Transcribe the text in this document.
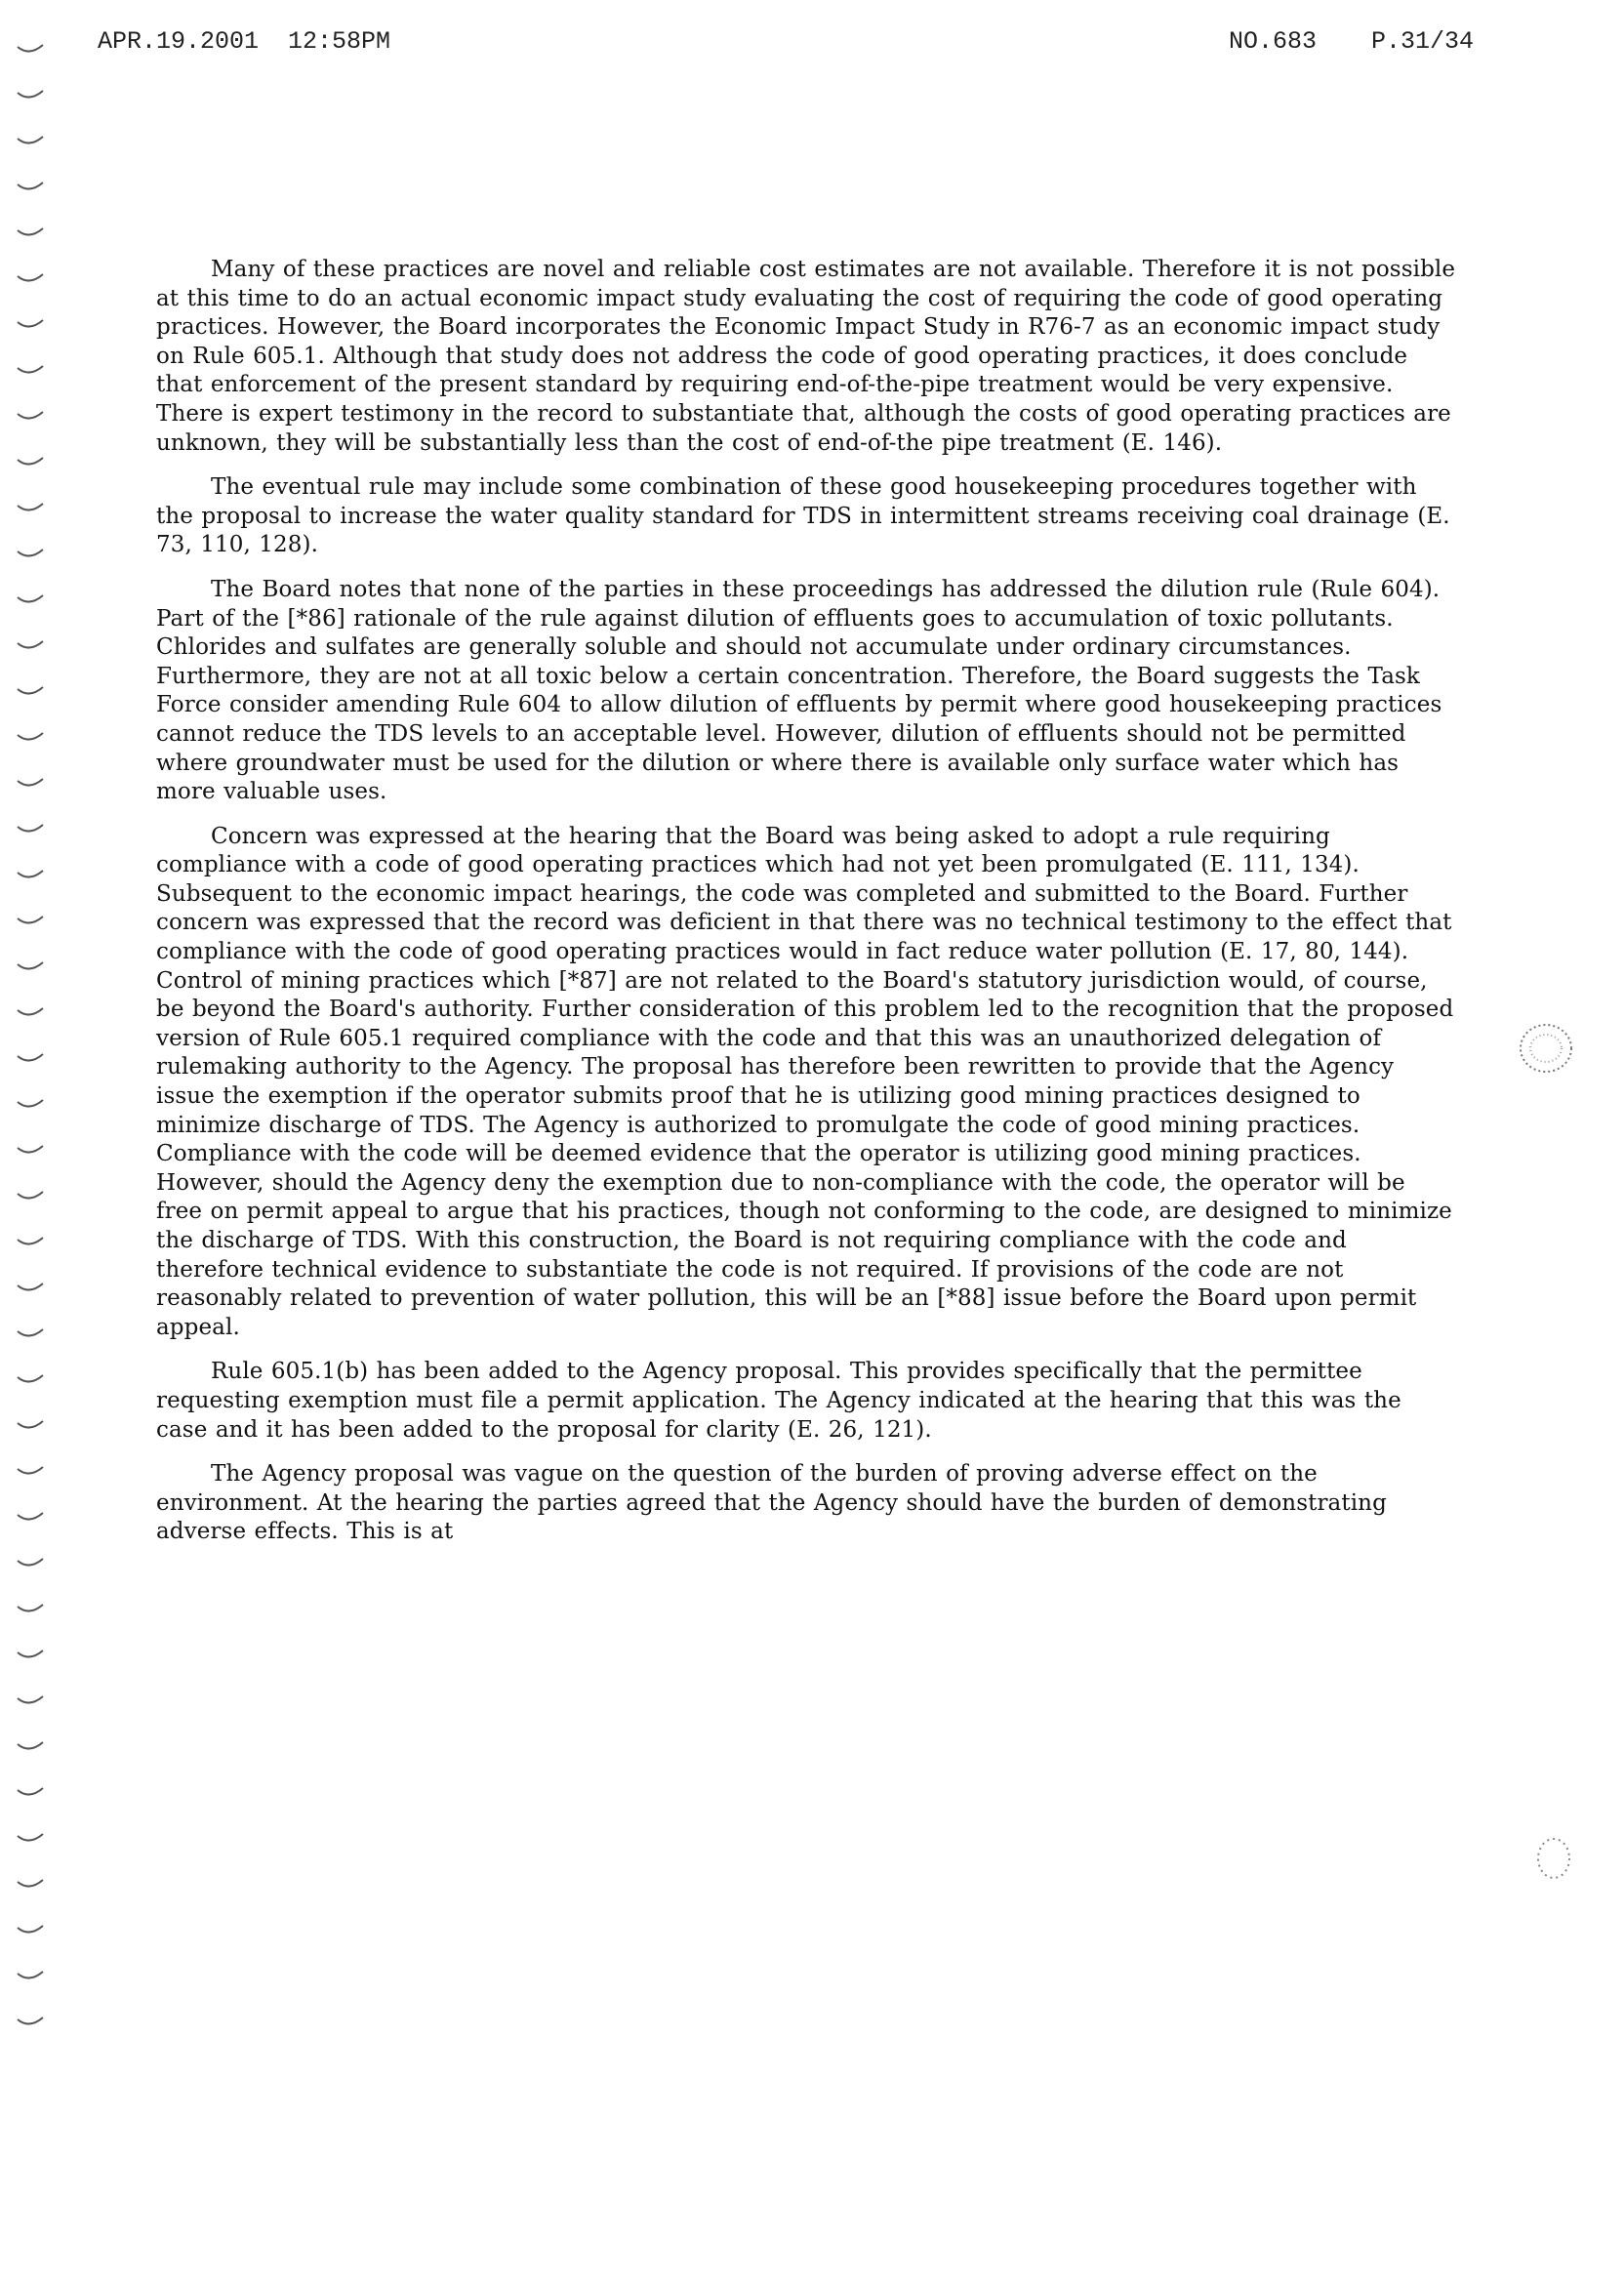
APR.19.2001 12:58PM	NO.683 P.31/34

Many of these practices are novel and reliable cost estimates are not available. Therefore it is not possible at this time to do an actual economic impact study evaluating the cost of requiring the code of good operating practices. However, the Board incorporates the Economic Impact Study in R76-7 as an economic impact study on Rule 605.1. Although that study does not address the code of good operating practices, it does conclude that enforcement of the present standard by requiring end-of-the-pipe treatment would be very expensive. There is expert testimony in the record to substantiate that, although the costs of good operating practices are unknown, they will be substantially less than the cost of end-of-the pipe treatment (E. 146).

The eventual rule may include some combination of these good housekeeping procedures together with the proposal to increase the water quality standard for TDS in intermittent streams receiving coal drainage (E. 73, 110, 128).

The Board notes that none of the parties in these proceedings has addressed the dilution rule (Rule 604). Part of the [*86] rationale of the rule against dilution of effluents goes to accumulation of toxic pollutants. Chlorides and sulfates are generally soluble and should not accumulate under ordinary circumstances. Furthermore, they are not at all toxic below a certain concentration. Therefore, the Board suggests the Task Force consider amending Rule 604 to allow dilution of effluents by permit where good housekeeping practices cannot reduce the TDS levels to an acceptable level. However, dilution of effluents should not be permitted where groundwater must be used for the dilution or where there is available only surface water which has more valuable uses.

Concern was expressed at the hearing that the Board was being asked to adopt a rule requiring compliance with a code of good operating practices which had not yet been promulgated (E. 111, 134). Subsequent to the economic impact hearings, the code was completed and submitted to the Board. Further concern was expressed that the record was deficient in that there was no technical testimony to the effect that compliance with the code of good operating practices would in fact reduce water pollution (E. 17, 80, 144). Control of mining practices which [*87] are not related to the Board's statutory jurisdiction would, of course, be beyond the Board's authority. Further consideration of this problem led to the recognition that the proposed version of Rule 605.1 required compliance with the code and that this was an unauthorized delegation of rulemaking authority to the Agency. The proposal has therefore been rewritten to provide that the Agency issue the exemption if the operator submits proof that he is utilizing good mining practices designed to minimize discharge of TDS. The Agency is authorized to promulgate the code of good mining practices. Compliance with the code will be deemed evidence that the operator is utilizing good mining practices. However, should the Agency deny the exemption due to non-compliance with the code, the operator will be free on permit appeal to argue that his practices, though not conforming to the code, are designed to minimize the discharge of TDS. With this construction, the Board is not requiring compliance with the code and therefore technical evidence to substantiate the code is not required. If provisions of the code are not reasonably related to prevention of water pollution, this will be an [*88] issue before the Board upon permit appeal.

Rule 605.1(b) has been added to the Agency proposal. This provides specifically that the permittee requesting exemption must file a permit application. The Agency indicated at the hearing that this was the case and it has been added to the proposal for clarity (E. 26, 121).

The Agency proposal was vague on the question of the burden of proving adverse effect on the environment. At the hearing the parties agreed that the Agency should have the burden of demonstrating adverse effects. This is at
